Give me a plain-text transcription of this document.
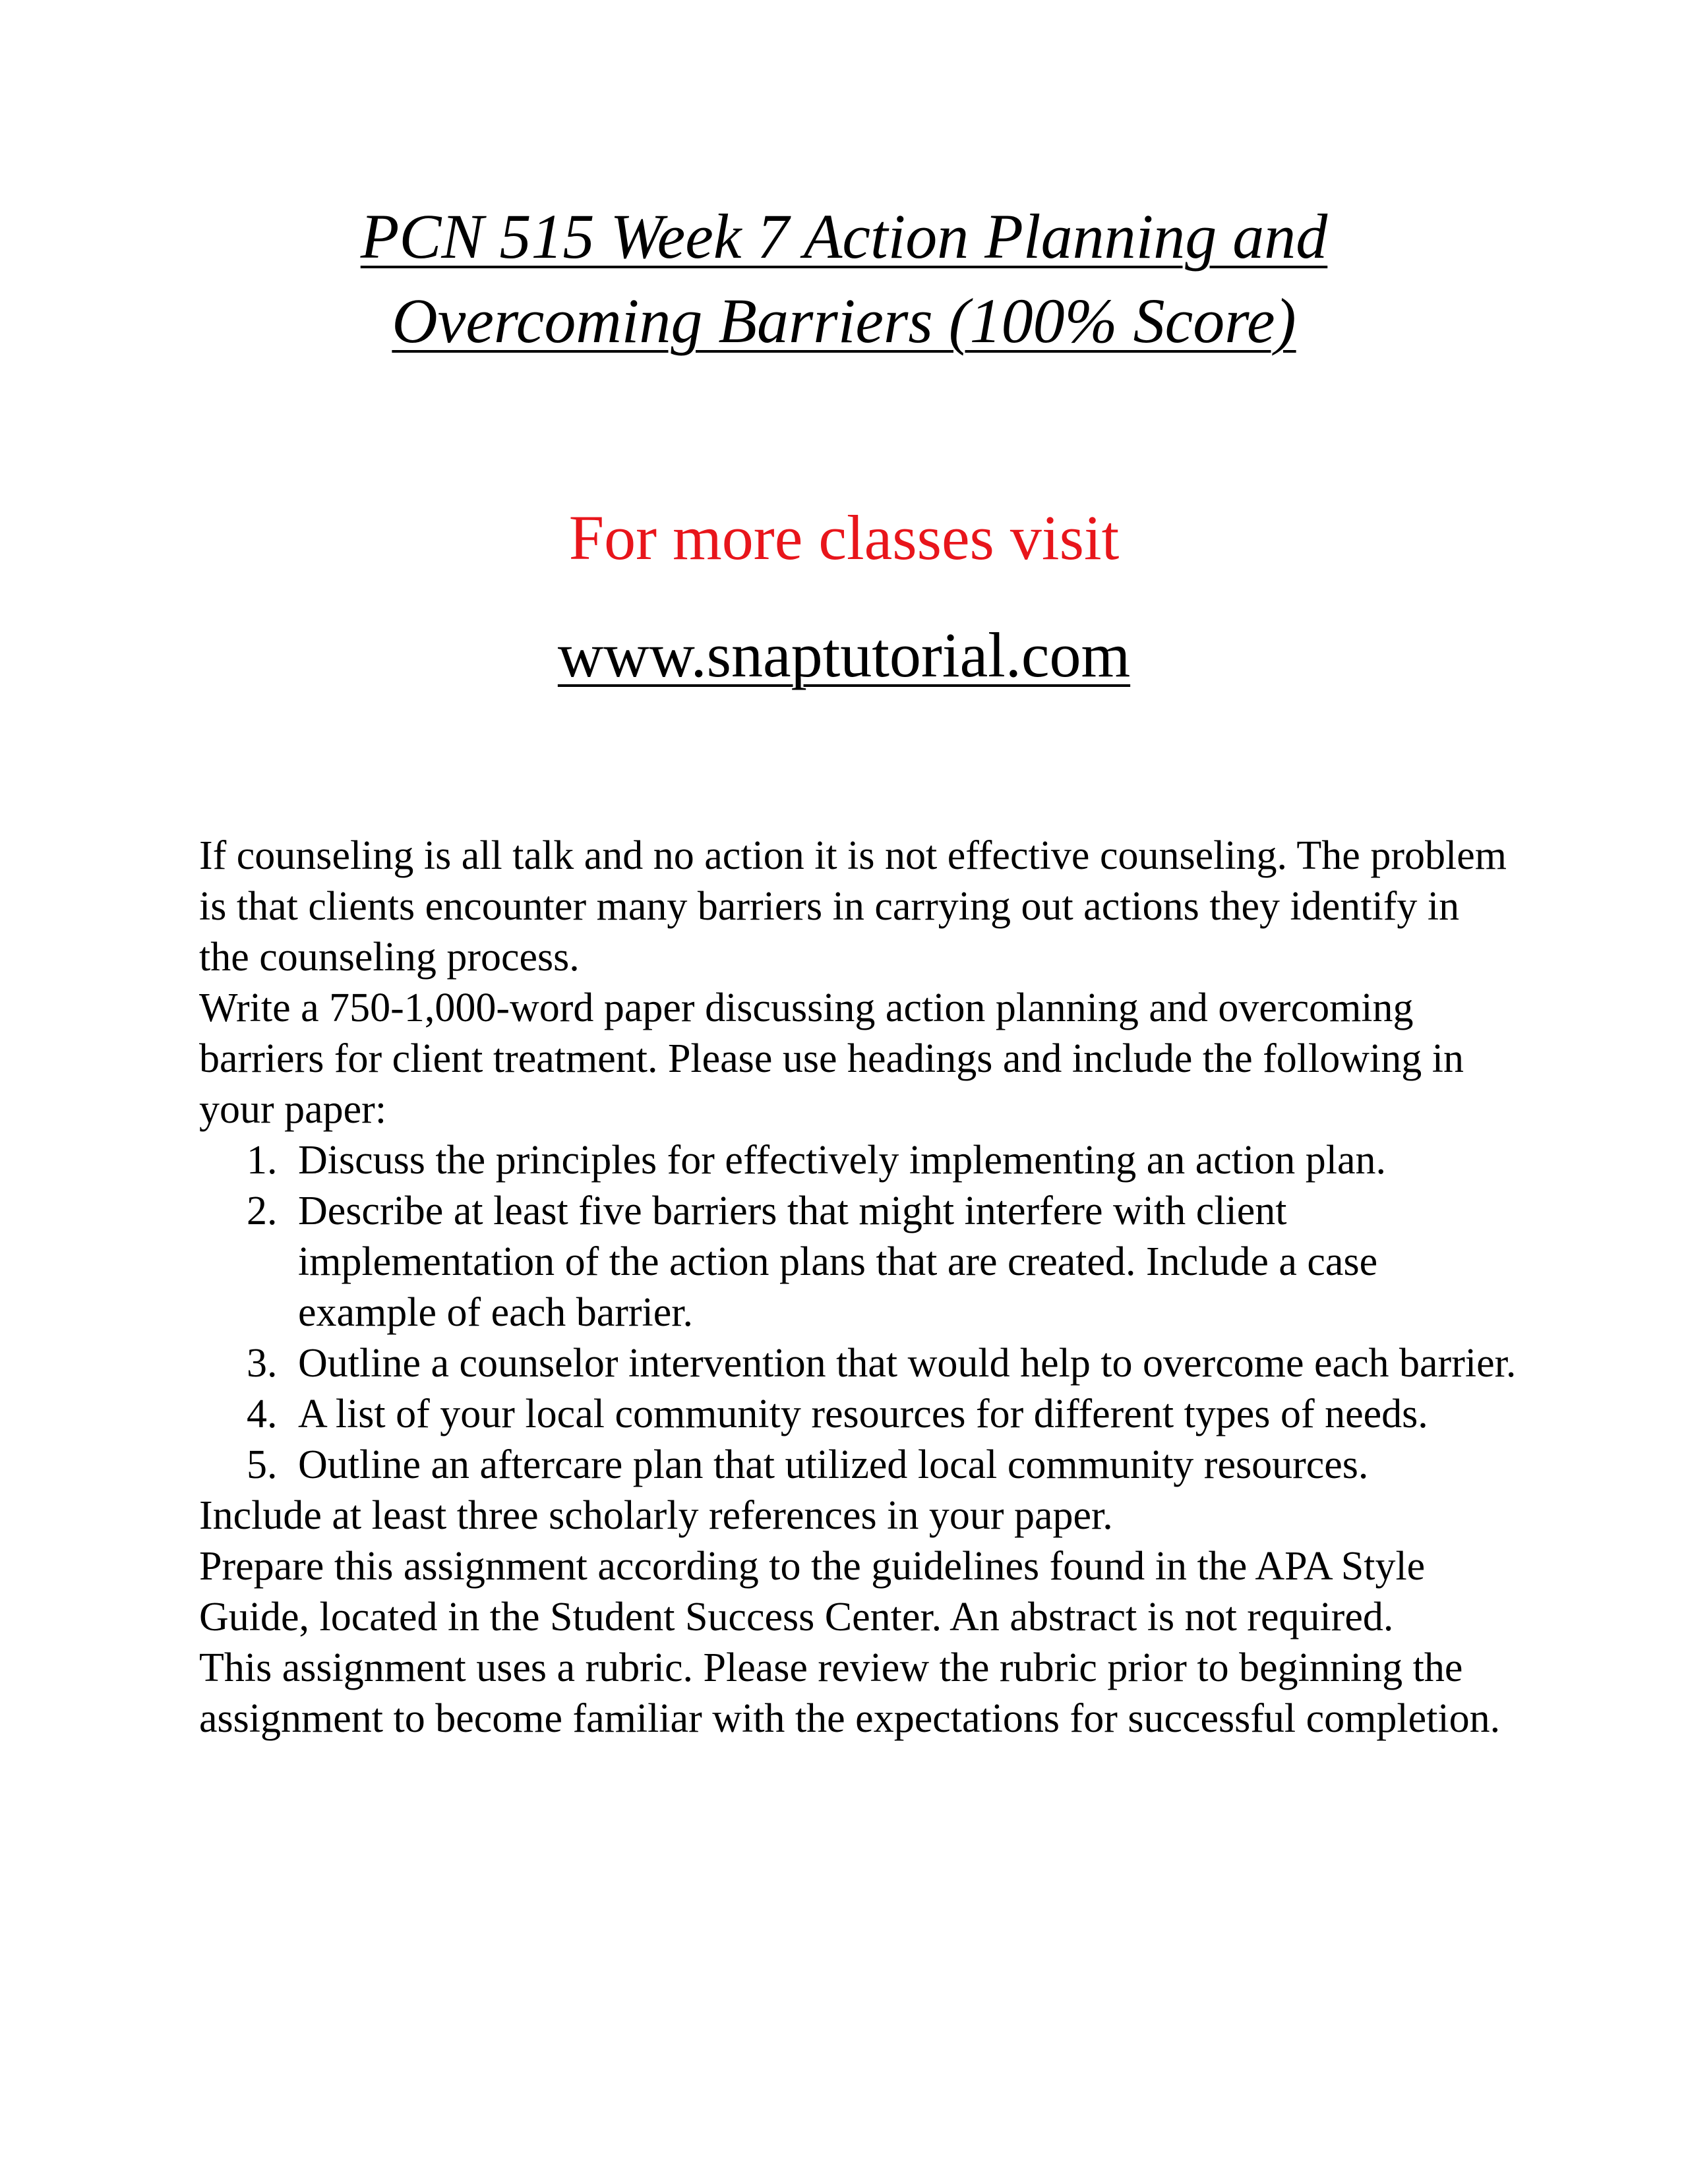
PCN 515 Week 7 Action Planning and
Overcoming Barriers (100% Score)
For more classes visit
www.snaptutorial.com

If counseling is all talk and no action it is not effective counseling. The problem is that clients encounter many barriers in carrying out actions they identify in the counseling process.

Write a 750-1,000-word paper discussing action planning and overcoming barriers for client treatment. Please use headings and include the following in your paper:

1. Discuss the principles for effectively implementing an action plan.
2. Describe at least five barriers that might interfere with client implementation of the action plans that are created. Include a case example of each barrier.
3. Outline a counselor intervention that would help to overcome each barrier.
4. A list of your local community resources for different types of needs.
5. Outline an aftercare plan that utilized local community resources.

Include at least three scholarly references in your paper.

Prepare this assignment according to the guidelines found in the APA Style Guide, located in the Student Success Center. An abstract is not required.

This assignment uses a rubric. Please review the rubric prior to beginning the assignment to become familiar with the expectations for successful completion.
